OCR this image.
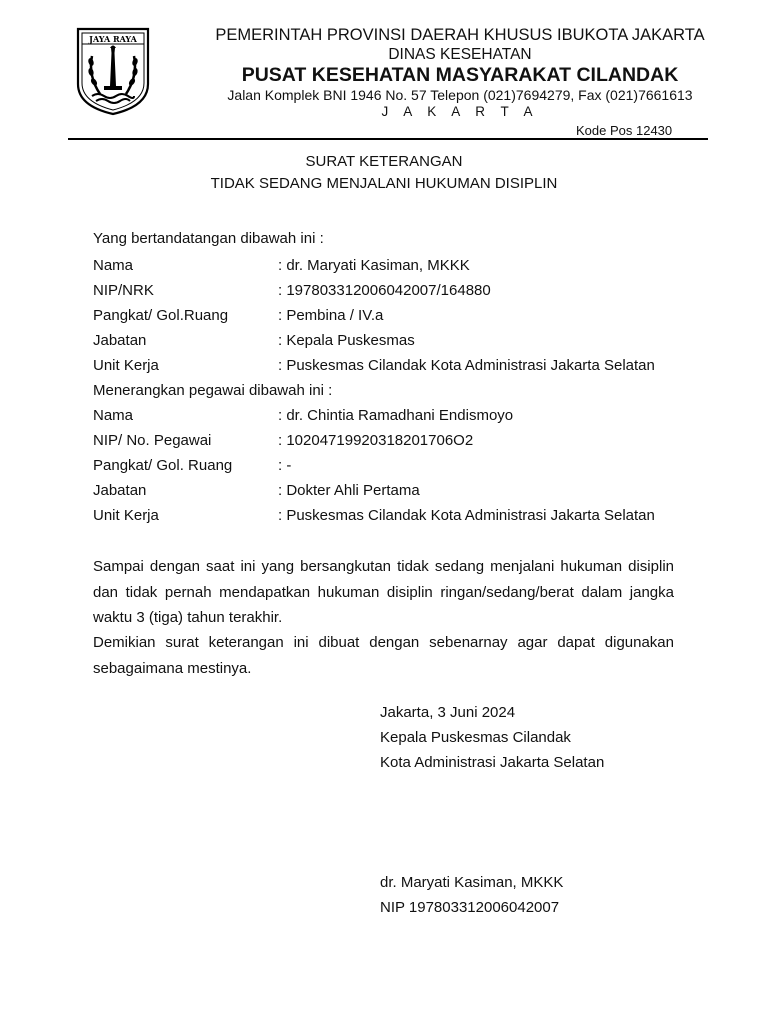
JAYA RAYA	PEMERINTAH PROVINSI DAERAH KHUSUS IBUKOTA JAKARTA
DINAS KESEHATAN
PUSAT KESEHATAN MASYARAKAT CILANDAK
Jalan Komplek BNI 1946 No. 57 Telepon (021)7694279, Fax (021)7661613
J A K A R T A
Kode Pos 12430
SURAT KETERANGAN
TIDAK SEDANG MENJALANI HUKUMAN DISIPLIN
Yang bertandatangan dibawah ini :
Nama	: dr. Maryati Kasiman, MKKK
NIP/NRK	: 197803312006042007/164880
Pangkat/ Gol.Ruang	: Pembina / IV.a
Jabatan	: Kepala Puskesmas
Unit Kerja	: Puskesmas Cilandak Kota Administrasi Jakarta Selatan
Menerangkan pegawai dibawah ini :
Nama	: dr. Chintia Ramadhani Endismoyo
NIP/ No. Pegawai	: 10204719920318201706O2
Pangkat/ Gol. Ruang	: -
Jabatan	: Dokter Ahli Pertama
Unit Kerja	: Puskesmas Cilandak Kota Administrasi Jakarta Selatan
Sampai dengan saat ini yang bersangkutan tidak sedang menjalani hukuman disiplin
dan tidak pernah mendapatkan hukuman disiplin ringan/sedang/berat dalam jangka
waktu 3 (tiga) tahun terakhir.
Demikian surat keterangan ini dibuat dengan sebenarnay agar dapat digunakan
sebagaimana mestinya.
Jakarta, 3 Juni 2024
Kepala Puskesmas Cilandak
Kota Administrasi Jakarta Selatan
dr. Maryati Kasiman, MKKK
NIP 197803312006042007
